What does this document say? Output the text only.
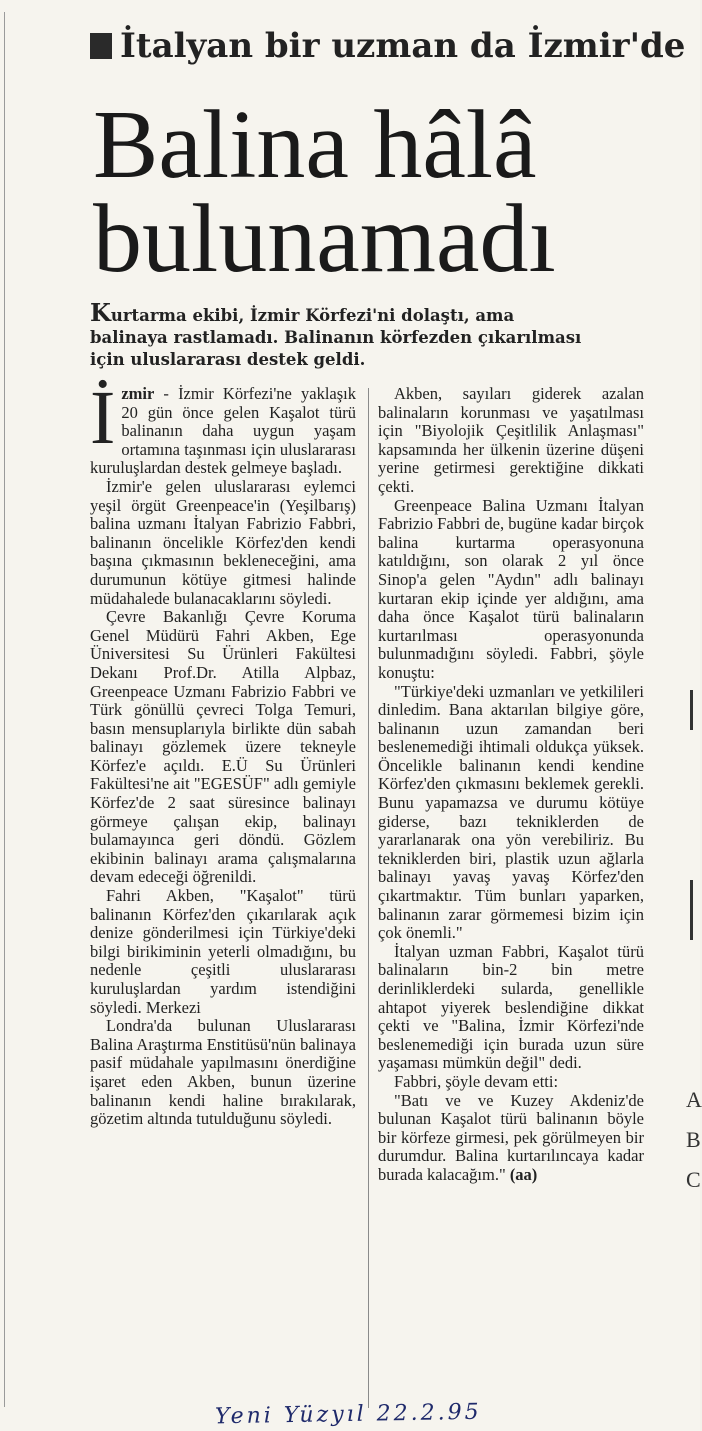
İtalyan bir uzman da İzmir'de
Balina hâlâ
bulunamadı
Kurtarma ekibi, İzmir Körfezi'ni dolaştı, ama balinaya rastlamadı. Balinanın körfezden çıkarılması için uluslararası destek geldi.

İzmir - İzmir Körfezi'ne yaklaşık 20 gün önce gelen Kaşalot türü balinanın daha uygun yaşam ortamına taşınması için uluslararası kuruluşlardan destek gelmeye başladı.

İzmir'e gelen uluslararası eylemci yeşil örgüt Greenpeace'in (Yeşilbarış) balina uzmanı İtalyan Fabrizio Fabbri, balinanın öncelikle Körfez'den kendi başına çıkmasının bekleneceğini, ama durumunun kötüye gitmesi halinde müdahalede bulanacaklarını söyledi.

Çevre Bakanlığı Çevre Koruma Genel Müdürü Fahri Akben, Ege Üniversitesi Su Ürünleri Fakültesi Dekanı Prof.Dr. Atilla Alpbaz, Greenpeace Uzmanı Fabrizio Fabbri ve Türk gönüllü çevreci Tolga Temuri, basın mensuplarıyla birlikte dün sabah balinayı gözlemek üzere tekneyle Körfez'e açıldı. E.Ü Su Ürünleri Fakültesi'ne ait "EGESÜF" adlı gemiyle Körfez'de 2 saat süresince balinayı görmeye çalışan ekip, balinayı bulamayınca geri döndü. Gözlem ekibinin balinayı arama çalışmalarına devam edeceği öğrenildi.

Fahri Akben, "Kaşalot" türü balinanın Körfez'den çıkarılarak açık denize gönderilmesi için Türkiye'deki bilgi birikiminin yeterli olmadığını, bu nedenle çeşitli uluslararası kuruluşlardan yardım istendiğini söyledi. Merkezi

Londra'da bulunan Uluslararası Balina Araştırma Enstitüsü'nün balinaya pasif müdahale yapılmasını önerdiğine işaret eden Akben, bunun üzerine balinanın kendi haline bırakılarak, gözetim altında tutulduğunu söyledi.

Akben, sayıları giderek azalan balinaların korunması ve yaşatılması için "Biyolojik Çeşitlilik Anlaşması" kapsamında her ülkenin üzerine düşeni yerine getirmesi gerektiğine dikkati çekti.

Greenpeace Balina Uzmanı İtalyan Fabrizio Fabbri de, bugüne kadar birçok balina kurtarma operasyonuna katıldığını, son olarak 2 yıl önce Sinop'a gelen "Aydın" adlı balinayı kurtaran ekip içinde yer aldığını, ama daha önce Kaşalot türü balinaların kurtarılması operasyonunda bulunmadığını söyledi. Fabbri, şöyle konuştu:

"Türkiye'deki uzmanları ve yetkilileri dinledim. Bana aktarılan bilgiye göre, balinanın uzun zamandan beri beslenemediği ihtimali oldukça yüksek. Öncelikle balinanın kendi kendine Körfez'den çıkmasını beklemek gerekli. Bunu yapamazsa ve durumu kötüye giderse, bazı tekniklerden de yararlanarak ona yön verebiliriz. Bu tekniklerden biri, plastik uzun ağlarla balinayı yavaş yavaş Körfez'den çıkartmaktır. Tüm bunları yaparken, balinanın zarar görmemesi bizim için çok önemli."

İtalyan uzman Fabbri, Kaşalot türü balinaların bin-2 bin metre derinliklerdeki sularda, genellikle ahtapot yiyerek beslendiğine dikkat çekti ve "Balina, İzmir Körfezi'nde beslenemediği için burada uzun süre yaşaması mümkün değil" dedi.

Fabbri, şöyle devam etti:

"Batı ve ve Kuzey Akdeniz'de bulunan Kaşalot türü balinanın böyle bir körfeze girmesi, pek görülmeyen bir durumdur. Balina kurtarılıncaya kadar burada kalacağım." (aa)

A
B
C
Yeni Yüzyıl 22.2.95
